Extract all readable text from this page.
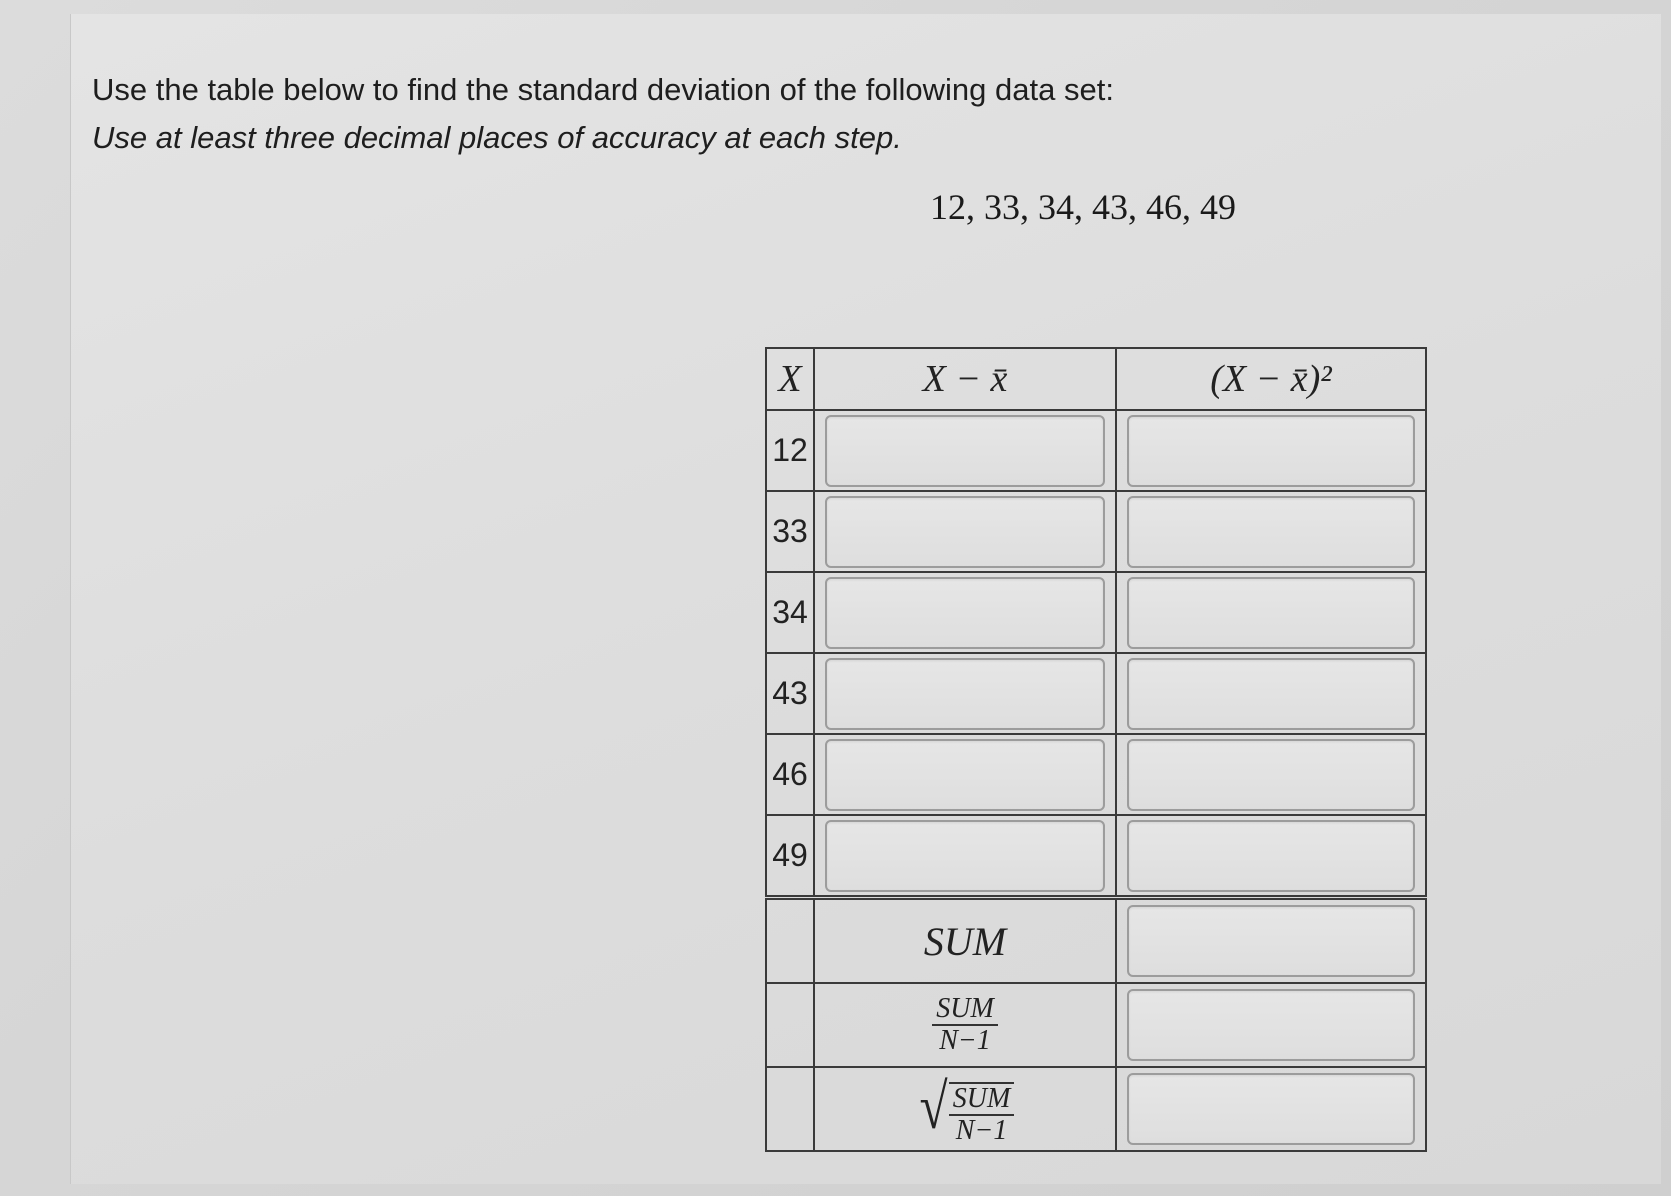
Use the table below to find the standard deviation of the following data set:
Use at least three decimal places of accuracy at each step.
12, 33, 34, 43, 46, 49
X	X − x̄	(X − x̄)²
12	

33	

34	

43	

46	

49	

	SUM	

	$\frac{\text{SUM}}{N-1}$

	√ $\frac{\text{SUM}}{N-1}$
